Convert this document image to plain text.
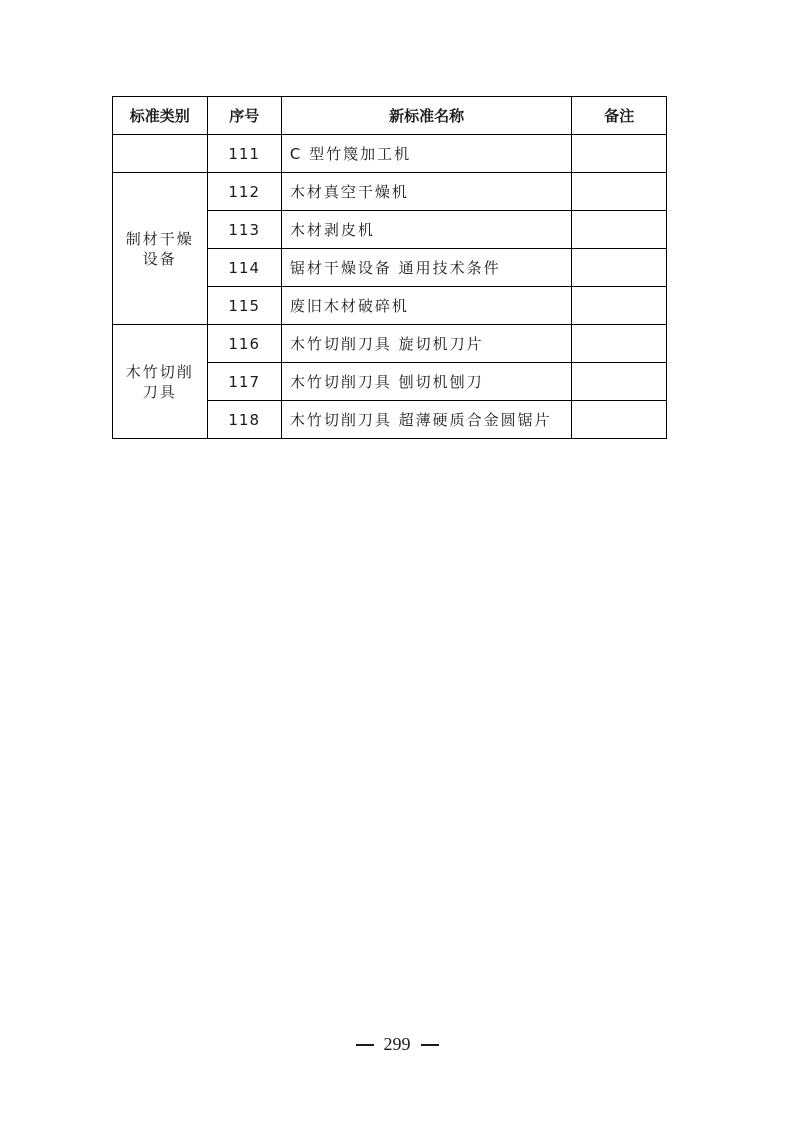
标准类别	序号	新标准名称	备注
	111	C 型竹篾加工机	

制材干燥
设备	112	木材真空干燥机	
	113	木材剥皮机	
	114	锯材干燥设备 通用技术条件	
	115	废旧木材破碎机	

木竹切削
刀具	116	木竹切削刀具 旋切机刀片	
	117	木竹切削刀具 刨切机刨刀	
	118	木竹切削刀具 超薄硬质合金圆锯片	
299
